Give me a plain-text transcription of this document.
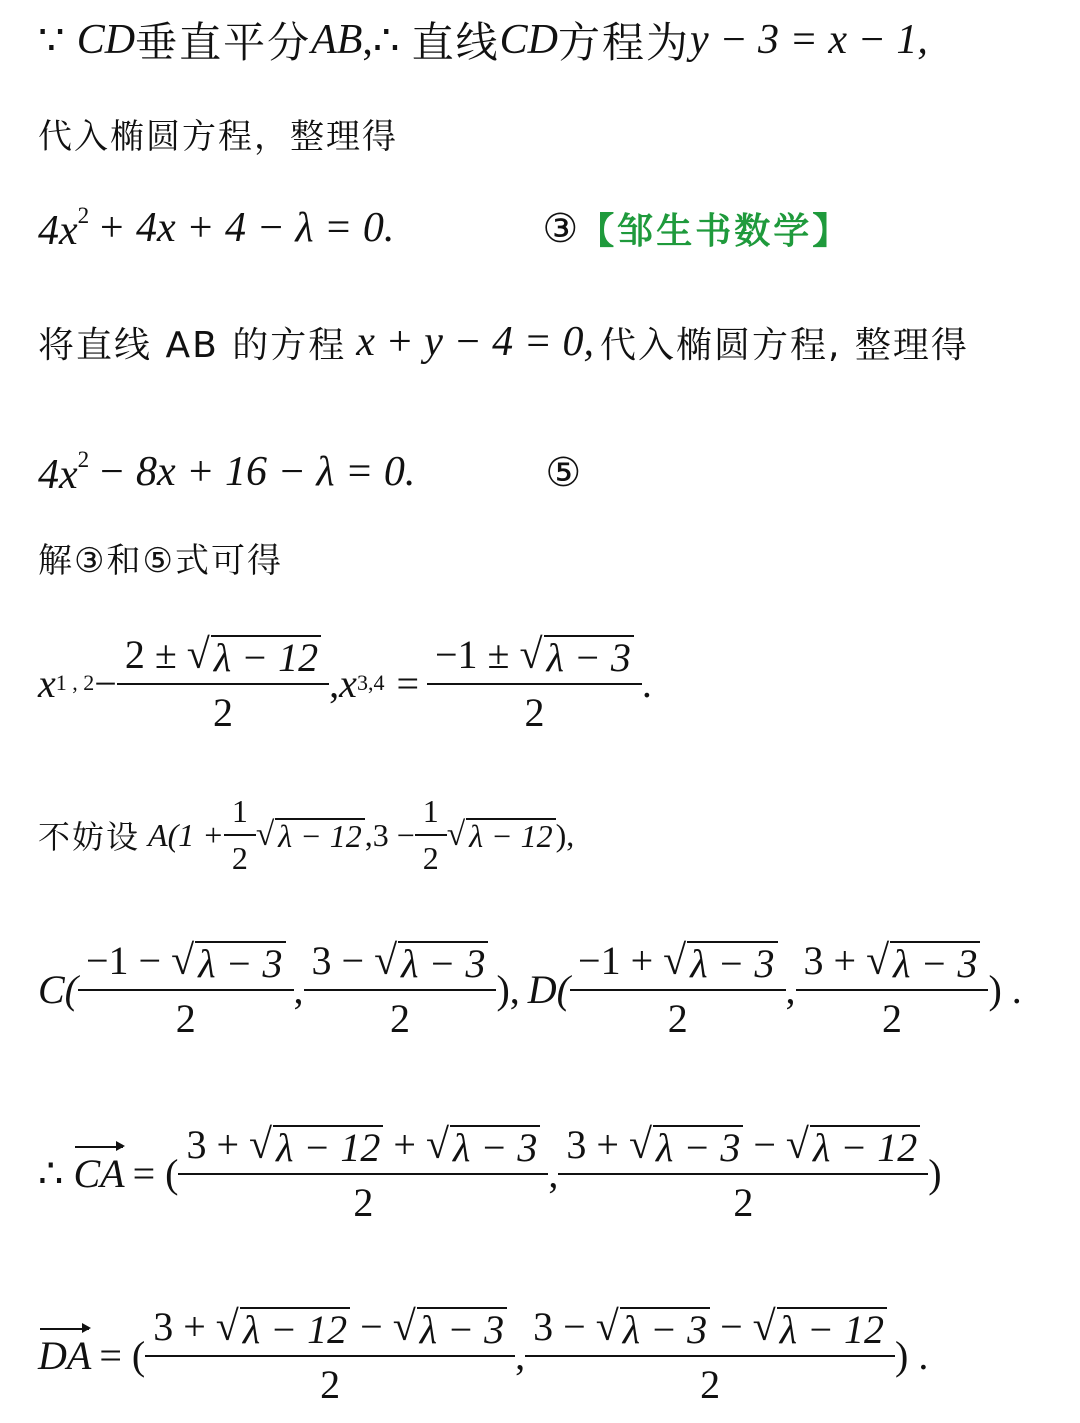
∵ CD 垂直平分 AB ,∴ 直线 CD 方程为 y − 3 = x − 1,
代入椭圆方程，整理得
$4x^2 + 4x + 4 - \lambda = 0$.	③ 【邹生书数学】
将直线 AB 的方程 x + y − 4 = 0, 代入椭圆方程, 整理得
$4x^2 - 8x + 16 - \lambda = 0$.	⑤
解③和⑤式可得
x 1 , $2 - \frac{2 \pm √ \lambda - 12}{2}$ , x $3,4 = \frac{-1 \pm √ \lambda - 3}{2}$ .
不妨设 $A(1 + \frac{1}{2}$ √ λ − 12 $,3 - \frac{1}{2}$ √ λ − 12 ),
$C( \frac{-1 - √ \lambda - 3}{2}$ , $\frac{3 - √ \lambda - 3}{2}$ ), $D( \frac{-1 + √ \lambda - 3}{2}$ , $\frac{3 + √ \lambda - 3}{2}$ ) .
∴ CA = ( $\frac{3 + √ \lambda - 12 + √ \lambda - 3}{2}$ , $\frac{3 + √ \lambda - 3 - √ \lambda - 12}{2}$ )
DA = ( $\frac{3 + √ \lambda - 12 - √ \lambda - 3}{2}$ , $\frac{3 - √ \lambda - 3 - √ \lambda - 12}{2}$ ) .
